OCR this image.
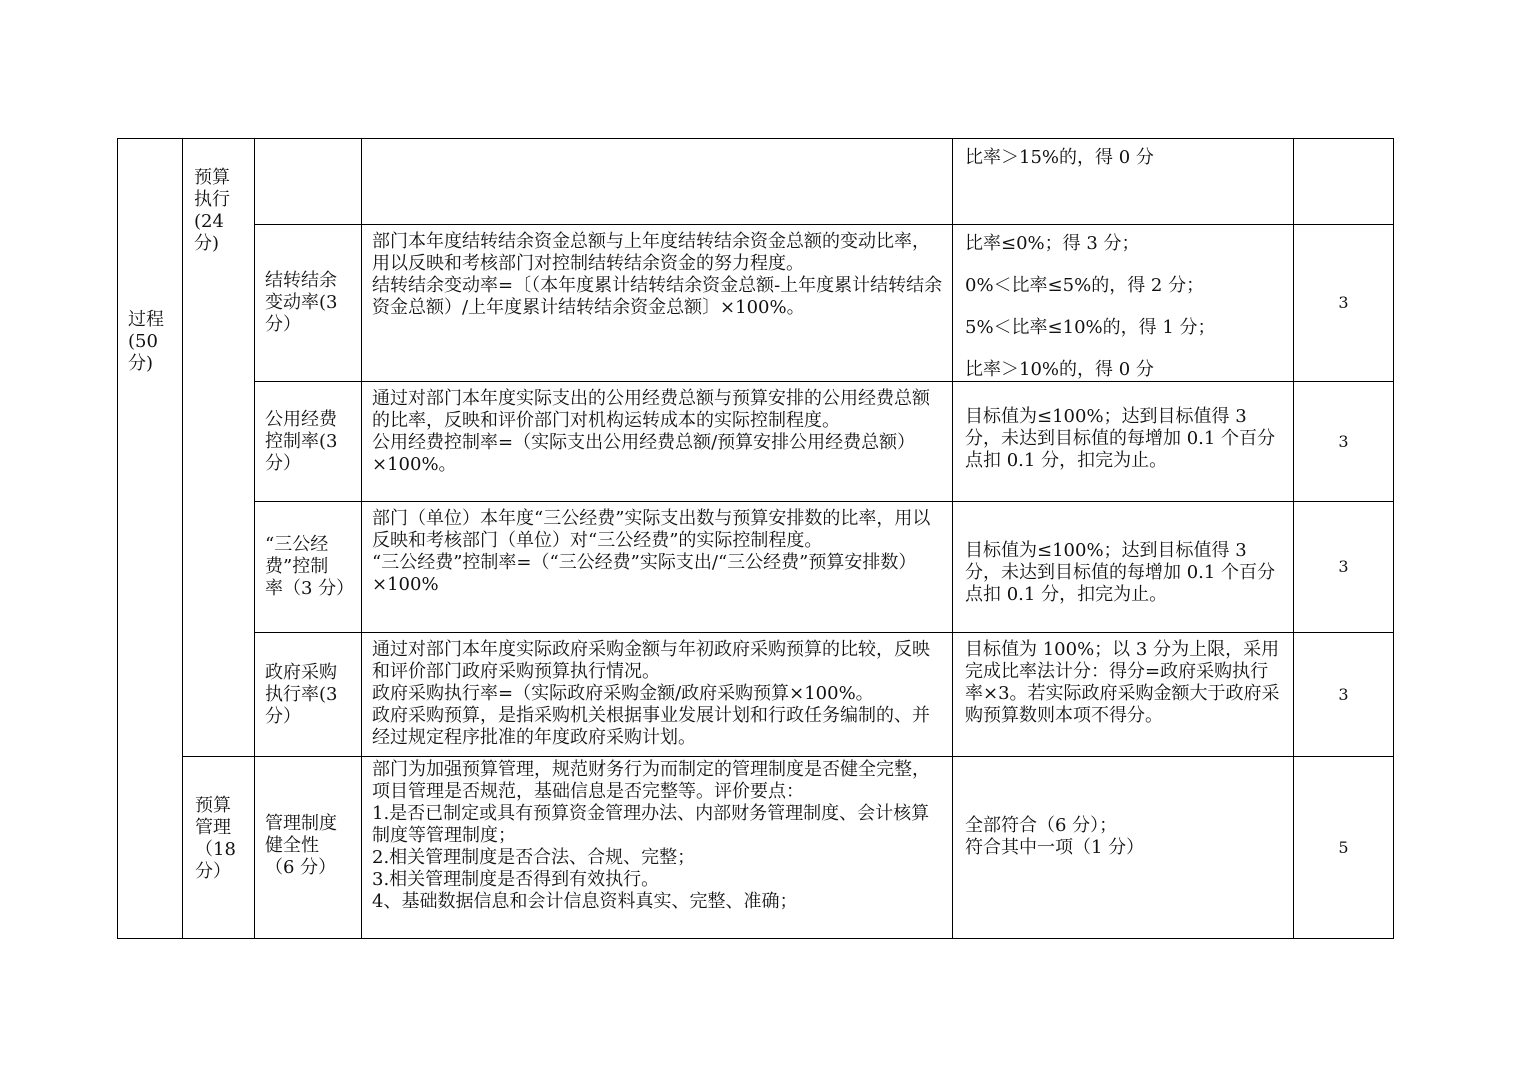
过程
(50
分)	预算
执行
(24
分)			比率＞15%的，得 0 分	

		结转结余
变动率(3
分）	部门本年度结转结余资金总额与上年度结转结余资金总额的变动比率，用以反映和考核部门对控制结转结余资金的努力程度。
结转结余变动率=〔（本年度累计结转结余资金总额-上年度累计结转结余资金总额）/上年度累计结转结余资金总额〕×100%。	比率≤0%；得 3 分；
0%＜比率≤5%的，得 2 分；
5%＜比率≤10%的，得 1 分；
比率＞10%的，得 0 分	3

		公用经费
控制率(3
分）	通过对部门本年度实际支出的公用经费总额与预算安排的公用经费总额的比率，反映和评价部门对机构运转成本的实际控制程度。
公用经费控制率=（实际支出公用经费总额/预算安排公用经费总额）×100%。	目标值为≤100%；达到目标值得 3 分，未达到目标值的每增加 0.1 个百分点扣 0.1 分，扣完为止。	3

		“三公经
费”控制
率（3 分）	部门（单位）本年度“三公经费”实际支出数与预算安排数的比率，用以反映和考核部门（单位）对“三公经费”的实际控制程度。
“三公经费”控制率=（“三公经费”实际支出/“三公经费”预算安排数）×100%	目标值为≤100%；达到目标值得 3 分，未达到目标值的每增加 0.1 个百分点扣 0.1 分，扣完为止。	3

		政府采购
执行率(3
分）	通过对部门本年度实际政府采购金额与年初政府采购预算的比较，反映和评价部门政府采购预算执行情况。
政府采购执行率=（实际政府采购金额/政府采购预算×100%。
政府采购预算，是指采购机关根据事业发展计划和行政任务编制的、并经过规定程序批准的年度政府采购计划。	目标值为 100%；以 3 分为上限，采用完成比率法计分：得分=政府采购执行率×3。若实际政府采购金额大于政府采购预算数则本项不得分。	3

	预算
管理
（18
分）	管理制度
健全性
（6 分）	部门为加强预算管理，规范财务行为而制定的管理制度是否健全完整，项目管理是否规范，基础信息是否完整等。评价要点：
1.是否已制定或具有预算资金管理办法、内部财务管理制度、会计核算制度等管理制度；
2.相关管理制度是否合法、合规、完整；
3.相关管理制度是否得到有效执行。
4、基础数据信息和会计信息资料真实、完整、准确；	全部符合（6 分）；
符合其中一项（1 分）	5
